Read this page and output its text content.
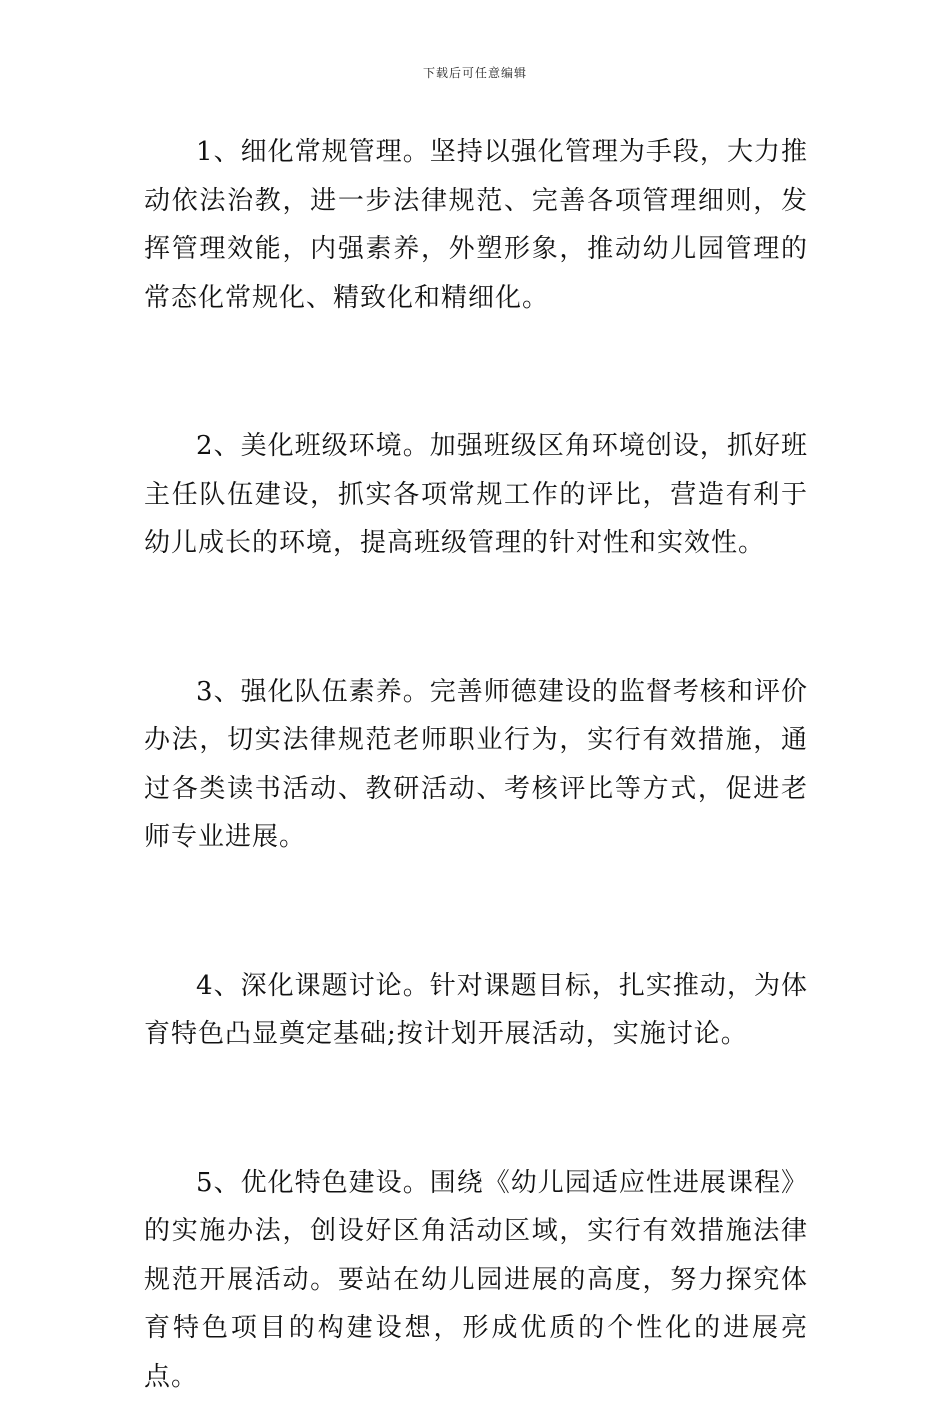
下载后可任意编辑

1、细化常规管理。坚持以强化管理为手段，大力推动依法治教，进一步法律规范、完善各项管理细则，发挥管理效能，内强素养，外塑形象，推动幼儿园管理的常态化常规化、精致化和精细化。

2、美化班级环境。加强班级区角环境创设，抓好班主任队伍建设，抓实各项常规工作的评比，营造有利于幼儿成长的环境，提高班级管理的针对性和实效性。

3、强化队伍素养。完善师德建设的监督考核和评价办法，切实法律规范老师职业行为，实行有效措施，通过各类读书活动、教研活动、考核评比等方式，促进老师专业进展。

4、深化课题讨论。针对课题目标，扎实推动，为体育特色凸显奠定基础;按计划开展活动，实施讨论。

5、优化特色建设。围绕《幼儿园适应性进展课程》的实施办法，创设好区角活动区域，实行有效措施法律规范开展活动。要站在幼儿园进展的高度，努力探究体育特色项目的构建设想，形成优质的个性化的进展亮点。
